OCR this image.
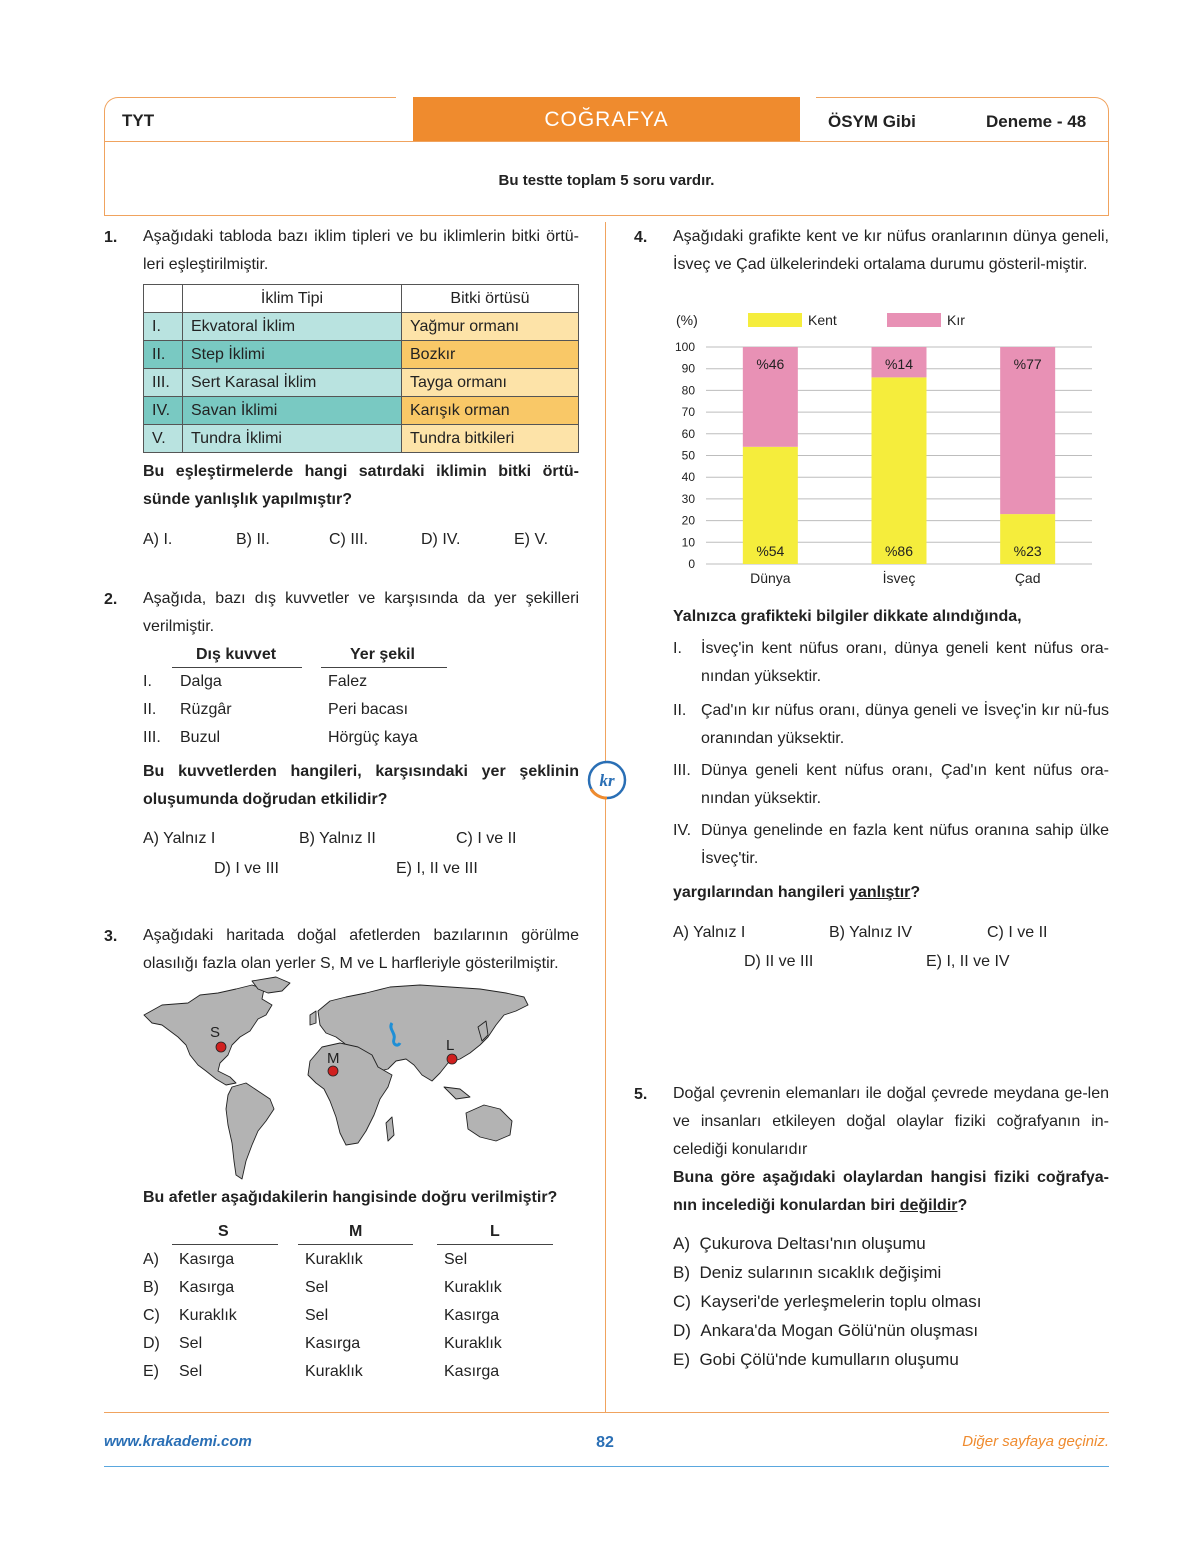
TYT	COĞRAFYA	ÖSYM Gibi	Deneme - 48
Bu testte toplam 5 soru vardır.
1. Aşağıdaki tabloda bazı iklim tipleri ve bu iklimlerin bitki örtü-leri eşleştirilmiştir.
	İklim Tipi	Bitki örtüsü
I.	Ekvatoral İklim	Yağmur ormanı
II.	Step İklimi	Bozkır
III.	Sert Karasal İklim	Tayga ormanı
IV.	Savan İklimi	Karışık orman
V.	Tundra İklimi	Tundra bitkileri
Bu eşleştirmelerde hangi satırdaki iklimin bitki örtü-sünde yanlışlık yapılmıştır?
A) I.	B) II.	C) III.	D) IV.	E) V.
2. Aşağıda, bazı dış kuvvetler ve karşısında da yer şekilleri verilmiştir.
Dış kuvvet	Yer şekil
I. Dalga	Falez
II. Rüzgâr	Peri bacası
III. Buzul	Hörgüç kaya
Bu kuvvetlerden hangileri, karşısındaki yer şeklinin oluşumunda doğrudan etkilidir?
A) Yalnız I	B) Yalnız II	C) I ve II
D) I ve III	E) I, II ve III
kr
3. Aşağıdaki haritada doğal afetlerden bazılarının görülme olasılığı fazla olan yerler S, M ve L harfleriyle gösterilmiştir.
S
M
L
Bu afetler aşağıdakilerin hangisinde doğru verilmiştir?
S	M	L
A) Kasırga	Kuraklık	Sel
B) Kasırga	Sel	Kuraklık
C) Kuraklık	Sel	Kasırga
D) Sel	Kasırga	Kuraklık
E) Sel	Kuraklık	Kasırga
4. Aşağıdaki grafikte kent ve kır nüfus oranlarının dünya geneli, İsveç ve Çad ülkelerindeki ortalama durumu gösteril-miştir.
(%)
0
10
20
30
40
50
60
70
80
90
100
Kent	Kır
%54
%46
Dünya
%86
%14
İsveç
%23
%77
Çad
Yalnızca grafikteki bilgiler dikkate alındığında,
I. İsveç'in kent nüfus oranı, dünya geneli kent nüfus ora-nından yüksektir.
II. Çad'ın kır nüfus oranı, dünya geneli ve İsveç'in kır nü-fus oranından yüksektir.
III. Dünya geneli kent nüfus oranı, Çad'ın kent nüfus ora-nından yüksektir.
IV. Dünya genelinde en fazla kent nüfus oranına sahip ülke İsveç'tir.
yargılarından hangileri yanlıştır?
A) Yalnız I	B) Yalnız IV	C) I ve II
D) II ve III	E) I, II ve IV
5. Doğal çevrenin elemanları ile doğal çevrede meydana ge-len ve insanları etkileyen doğal olaylar fiziki coğrafyanın in-celediği konularıdır
Buna göre aşağıdaki olaylardan hangisi fiziki coğrafya-nın incelediği konulardan biri değildir?
A) Çukurova Deltası'nın oluşumu
B) Deniz sularının sıcaklık değişimi
C) Kayseri'de yerleşmelerin toplu olması
D) Ankara'da Mogan Gölü'nün oluşması
E) Gobi Çölü'nde kumulların oluşumu
www.krakademi.com	82	Diğer sayfaya geçiniz.
